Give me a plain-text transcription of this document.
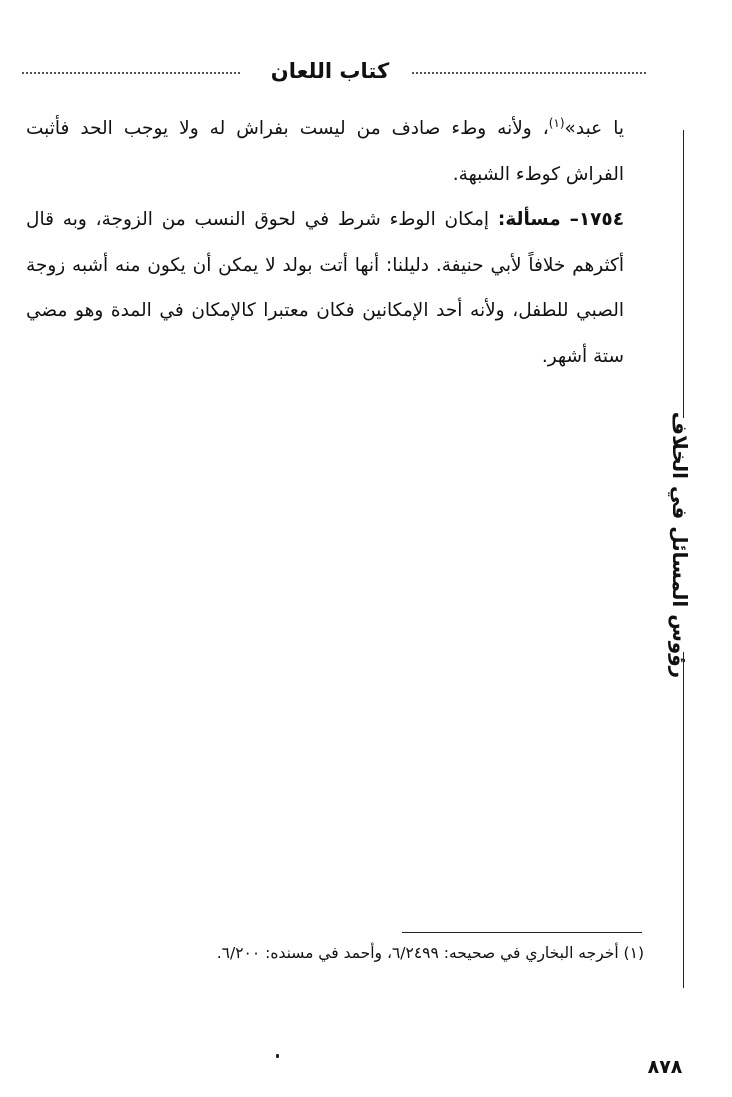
كتاب اللعان

يا عبد»$^{(١)}$، ولأنه وطء صادف من ليست بفراش له ولا يوجب الحد فأثبت الفراش كوطء الشبهة.

١٧٥٤– مسألة: إمكان الوطء شرط في لحوق النسب من الزوجة، وبه قال أكثرهم خلافاً لأبي حنيفة. دليلنا: أنها أتت بولد لا يمكن أن يكون منه أشبه زوجة الصبي للطفل، ولأنه أحد الإمكانين فكان معتبرا كالإمكان في المدة وهو مضي ستة أشهر.

رؤوس المسائل في الخلاف
(١) أخرجه البخاري في صحيحه: ٦/٢٤٩٩، وأحمد في مسنده: ٦/٢٠٠.
٨٧٨
